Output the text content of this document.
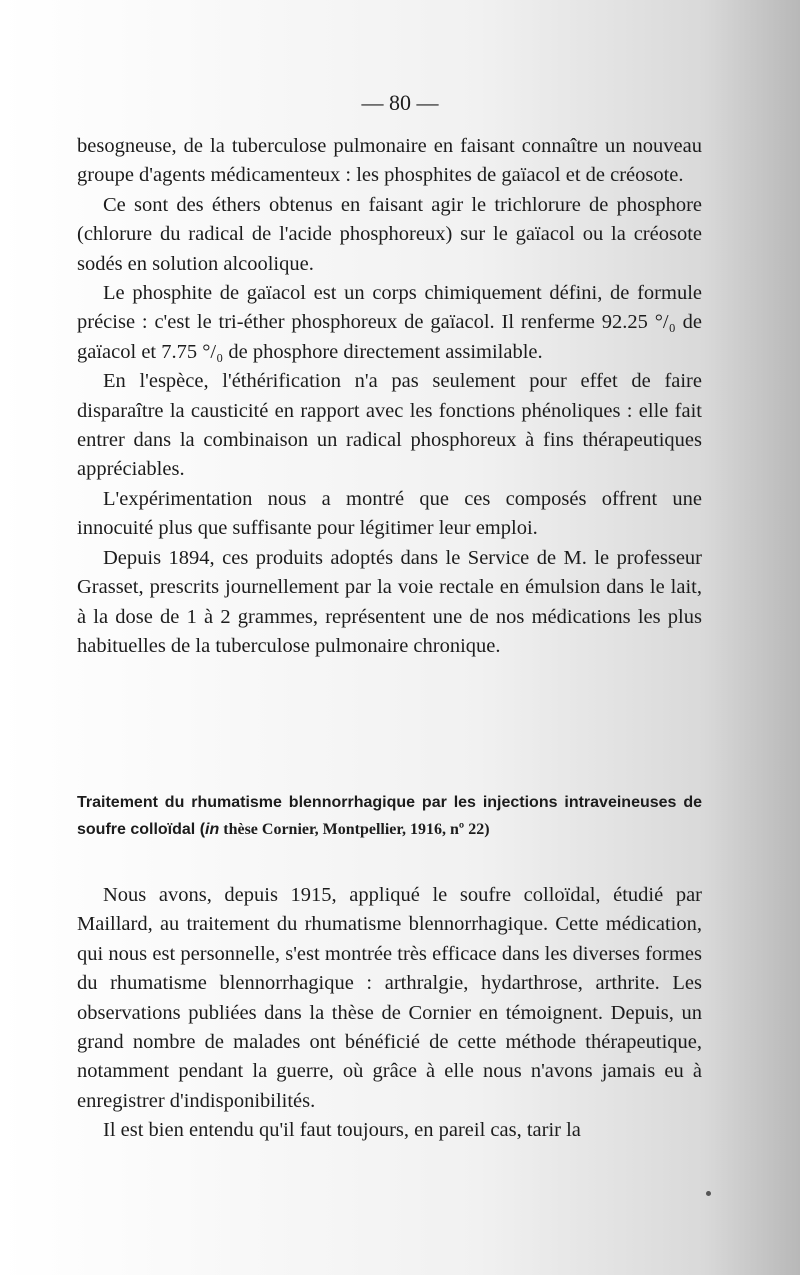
— 80 —

besogneuse, de la tuberculose pulmonaire en faisant connaître un nouveau groupe d'agents médicamenteux : les phosphites de gaïacol et de créosote.

Ce sont des éthers obtenus en faisant agir le trichlorure de phosphore (chlorure du radical de l'acide phosphoreux) sur le gaïacol ou la créosote sodés en solution alcoolique.

Le phosphite de gaïacol est un corps chimiquement défini, de formule précise : c'est le tri-éther phosphoreux de gaïacol. Il renferme 92.25 °/₀ de gaïacol et 7.75 °/₀ de phosphore directement assimilable.

En l'espèce, l'éthérification n'a pas seulement pour effet de faire disparaître la causticité en rapport avec les fonctions phénoliques : elle fait entrer dans la combinaison un radical phosphoreux à fins thérapeutiques appréciables.

L'expérimentation nous a montré que ces composés offrent une innocuité plus que suffisante pour légitimer leur emploi.

Depuis 1894, ces produits adoptés dans le Service de M. le professeur Grasset, prescrits journellement par la voie rectale en émulsion dans le lait, à la dose de 1 à 2 grammes, représentent une de nos médications les plus habituelles de la tuberculose pulmonaire chronique.

Traitement du rhumatisme blennorrhagique par les injections intraveineuses de soufre colloïdal (in thèse Cornier, Montpellier, 1916, nº 22)

Nous avons, depuis 1915, appliqué le soufre colloïdal, étudié par Maillard, au traitement du rhumatisme blennorrhagique. Cette médication, qui nous est personnelle, s'est montrée très efficace dans les diverses formes du rhumatisme blennorrhagique : arthralgie, hydarthrose, arthrite. Les observations publiées dans la thèse de Cornier en témoignent. Depuis, un grand nombre de malades ont bénéficié de cette méthode thérapeutique, notamment pendant la guerre, où grâce à elle nous n'avons jamais eu à enregistrer d'indisponibilités.

Il est bien entendu qu'il faut toujours, en pareil cas, tarir la
